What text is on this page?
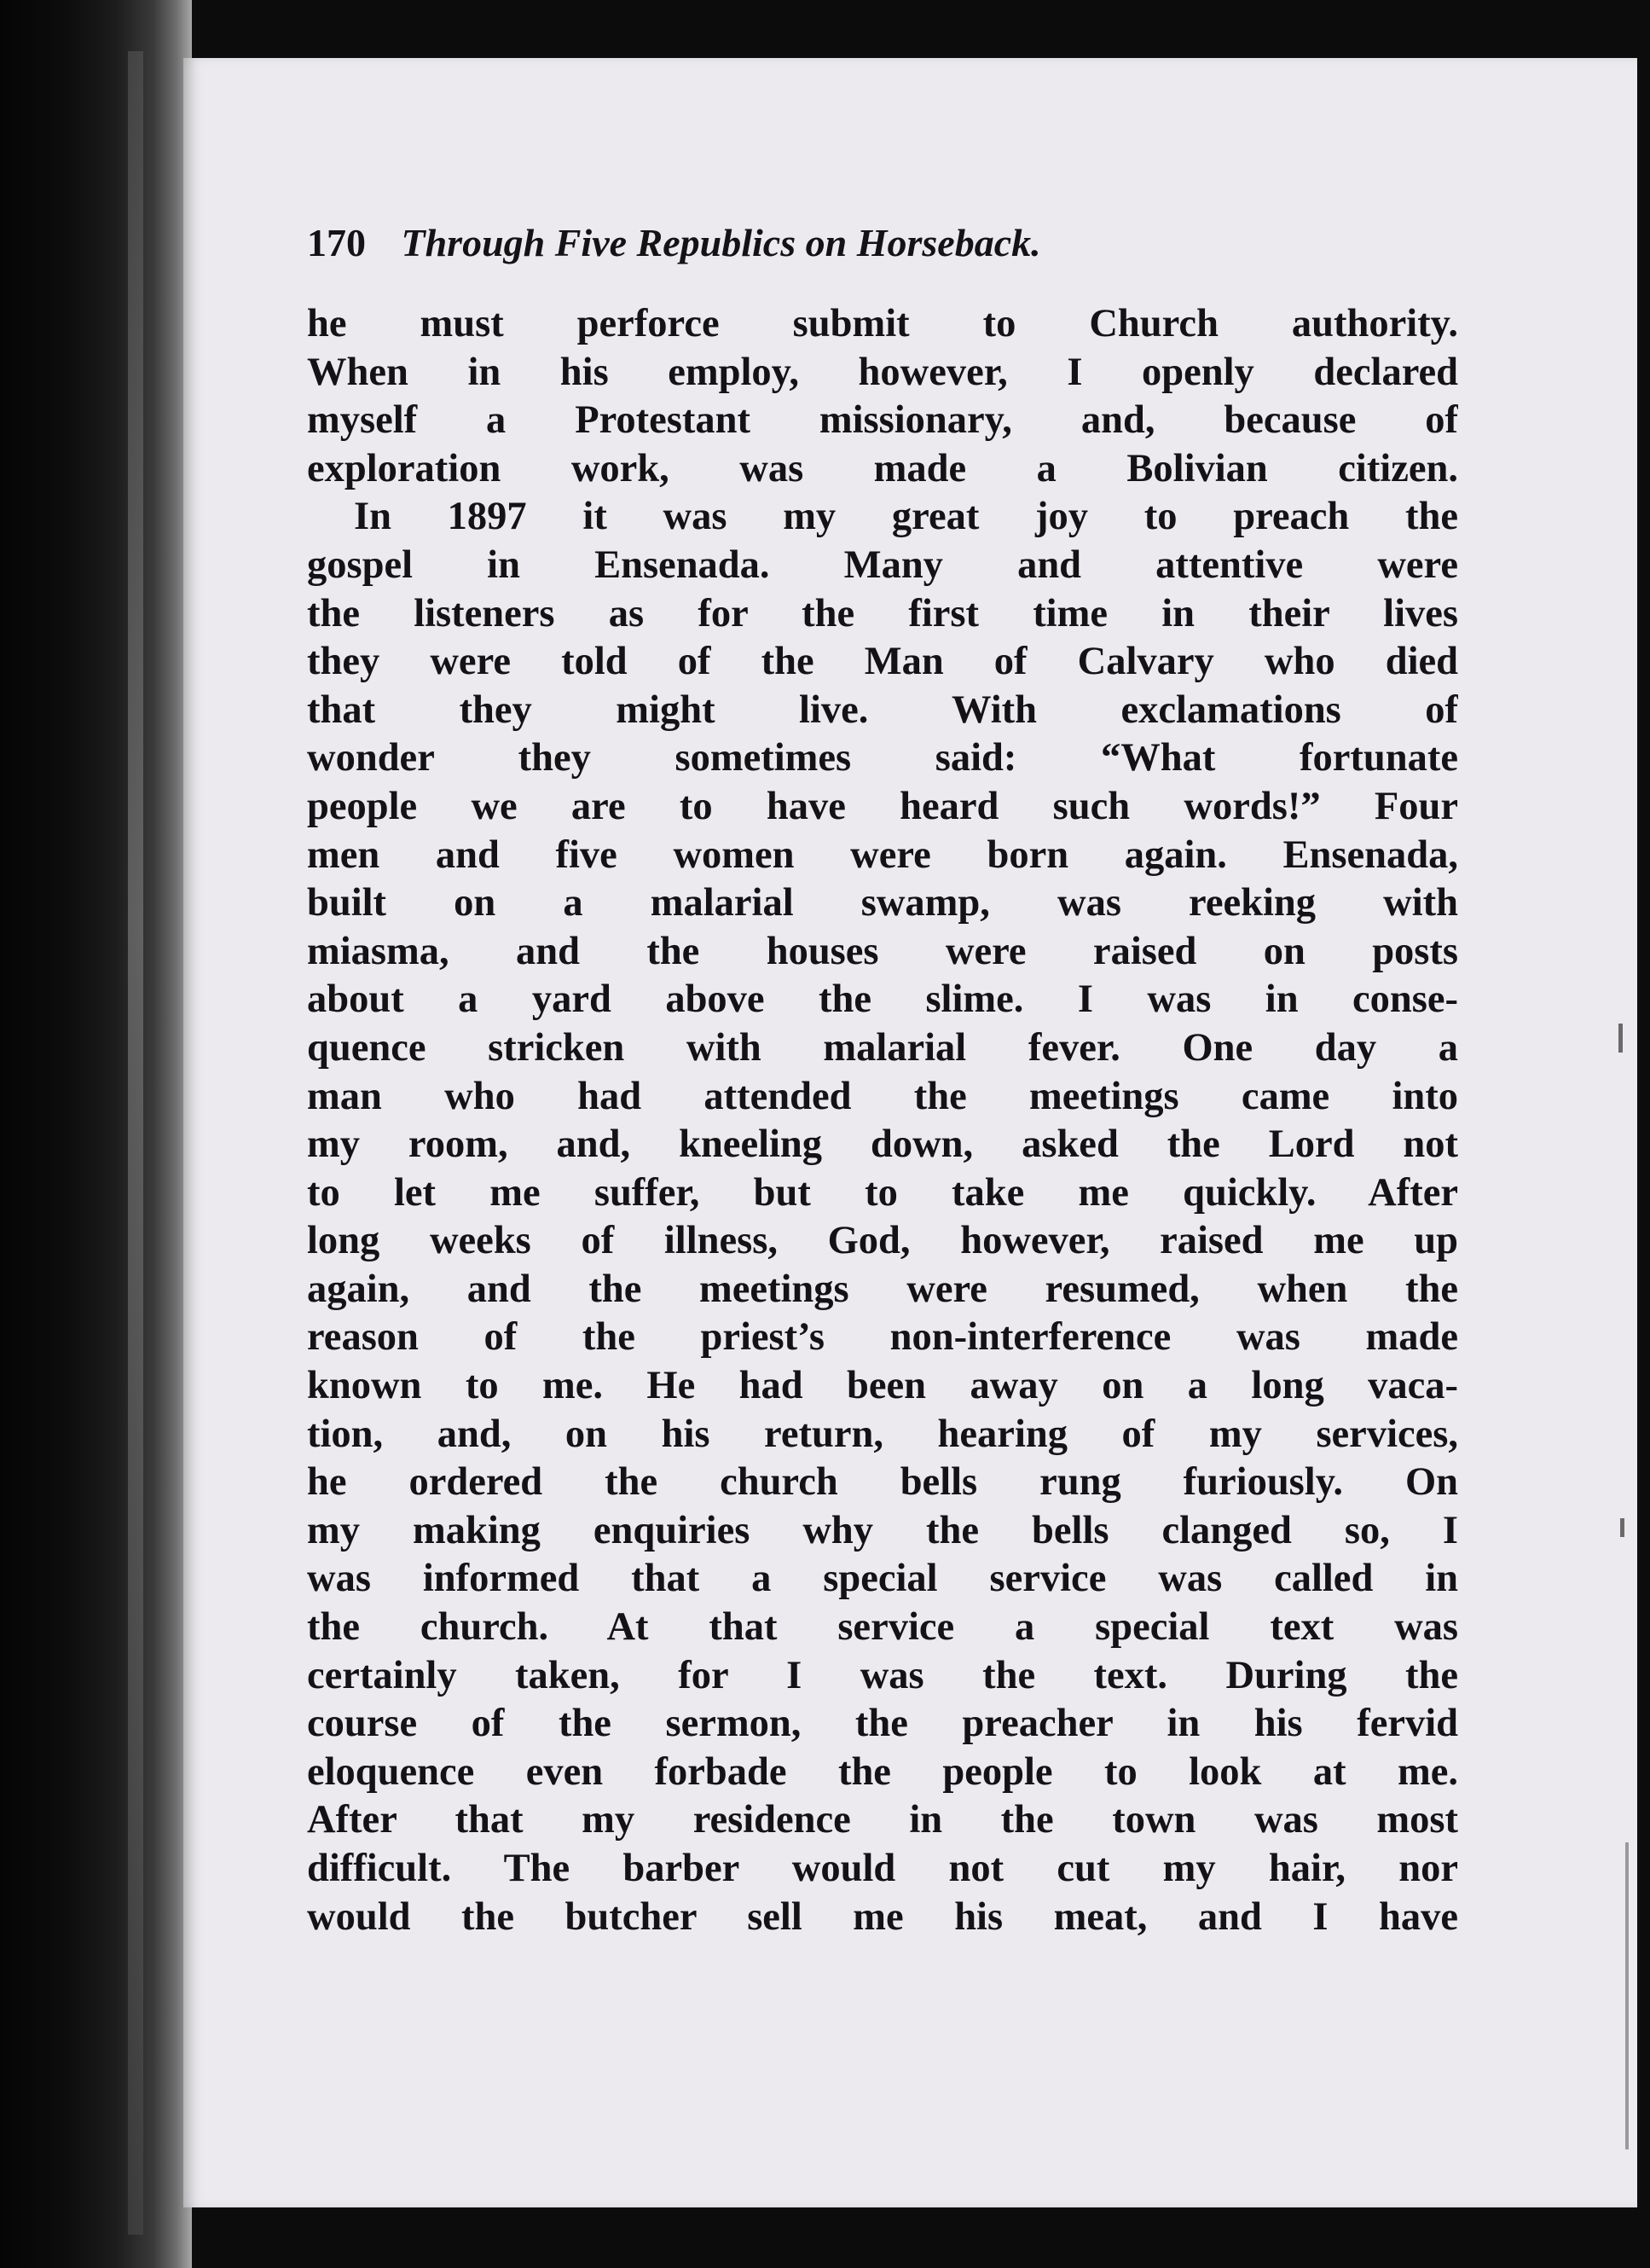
170 Through Five Republics on Horseback.
he must perforce submit to Church authority.
When in his employ, however, I openly declared
myself a Protestant missionary, and, because of
exploration work, was made a Bolivian citizen.
In 1897 it was my great joy to preach the
gospel in Ensenada. Many and attentive were
the listeners as for the first time in their lives
they were told of the Man of Calvary who died
that they might live. With exclamations of
wonder they sometimes said: “What fortunate
people we are to have heard such words!” Four
men and five women were born again. Ensenada,
built on a malarial swamp, was reeking with
miasma, and the houses were raised on posts
about a yard above the slime. I was in conse-
quence stricken with malarial fever. One day a
man who had attended the meetings came into
my room, and, kneeling down, asked the Lord not
to let me suffer, but to take me quickly. After
long weeks of illness, God, however, raised me up
again, and the meetings were resumed, when the
reason of the priest’s non-interference was made
known to me. He had been away on a long vaca-
tion, and, on his return, hearing of my services,
he ordered the church bells rung furiously. On
my making enquiries why the bells clanged so, I
was informed that a special service was called in
the church. At that service a special text was
certainly taken, for I was the text. During the
course of the sermon, the preacher in his fervid
eloquence even forbade the people to look at me.
After that my residence in the town was most
difficult. The barber would not cut my hair, nor
would the butcher sell me his meat, and I have
